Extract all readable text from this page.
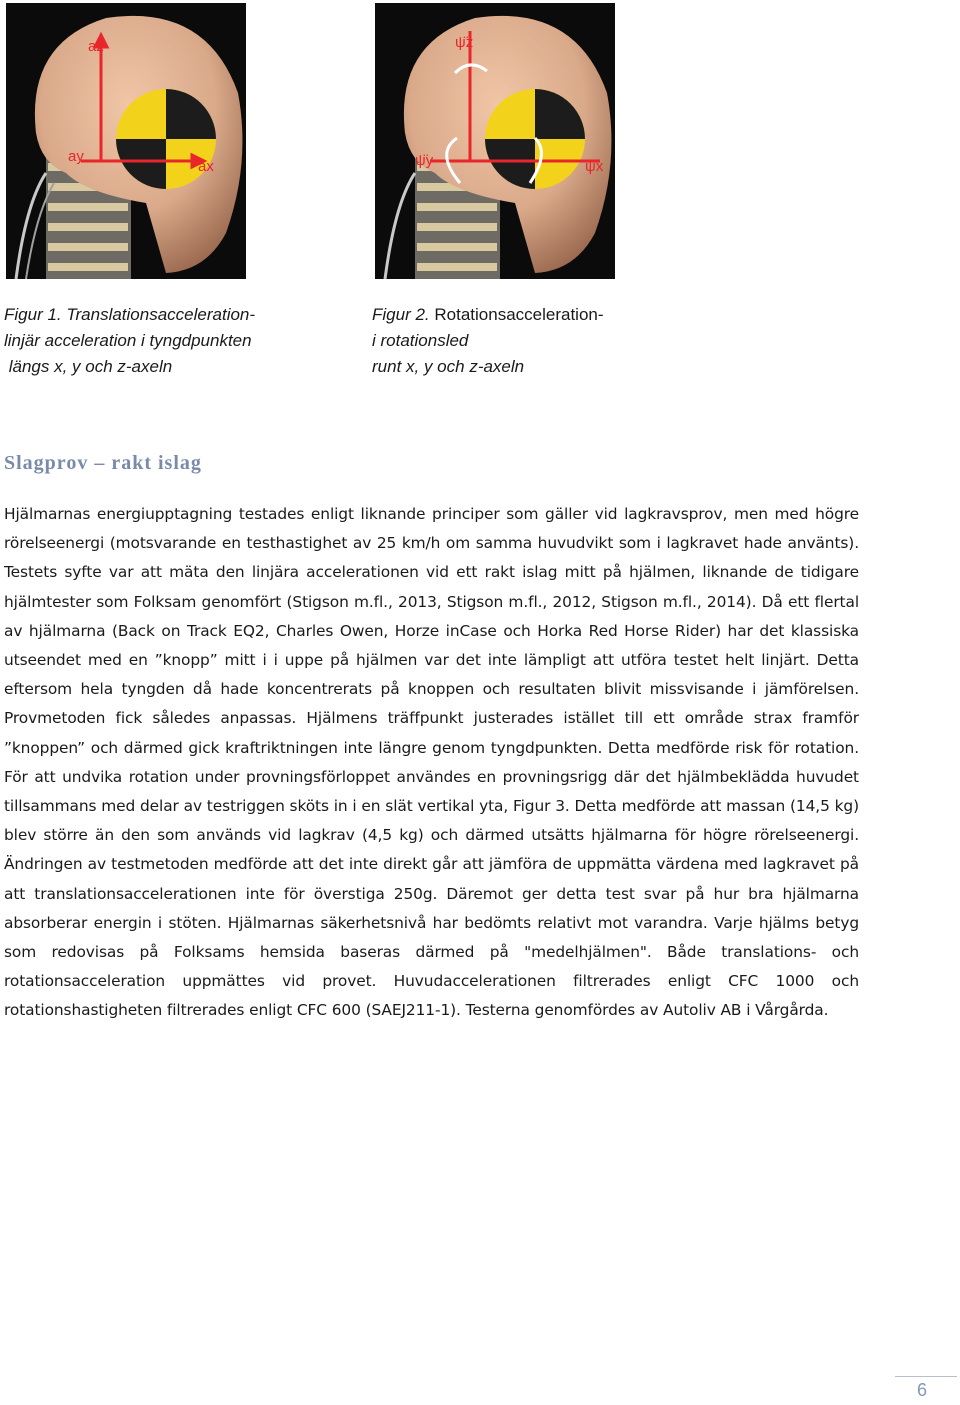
az
ay
ax
ψ̈z
ψ̈y	ψ̈x
Figur 1. Translationsacceleration-
linjär acceleration i tyngdpunkten
längs x, y och z-axeln
Figur 2. Rotationsacceleration-
i rotationsled
runt x, y och z-axeln
Slagprov – rakt islag

Hjälmarnas energiupptagning testades enligt liknande principer som gäller vid lagkravsprov, men med högre rörelseenergi (motsvarande en testhastighet av 25 km/h om samma huvudvikt som i lagkravet hade använts). Testets syfte var att mäta den linjära accelerationen vid ett rakt islag mitt på hjälmen, liknande de tidigare hjälmtester som Folksam genomfört (Stigson m.fl., 2013, Stigson m.fl., 2012, Stigson m.fl., 2014). Då ett flertal av hjälmarna (Back on Track EQ2, Charles Owen, Horze inCase och Horka Red Horse Rider) har det klassiska utseendet med en ”knopp” mitt i i uppe på hjälmen var det inte lämpligt att utföra testet helt linjärt. Detta eftersom hela tyngden då hade koncentrerats på knoppen och resultaten blivit missvisande i jämförelsen. Provmetoden fick således anpassas. Hjälmens träffpunkt justerades istället till ett område strax framför ”knoppen” och därmed gick kraftriktningen inte längre genom tyngdpunkten. Detta medförde risk för rotation. För att undvika rotation under provningsförloppet användes en provningsrigg där det hjälmbeklädda huvudet tillsammans med delar av testriggen sköts in i en slät vertikal yta, Figur 3. Detta medförde att massan (14,5 kg) blev större än den som används vid lagkrav (4,5 kg) och därmed utsätts hjälmarna för högre rörelseenergi. Ändringen av testmetoden medförde att det inte direkt går att jämföra de uppmätta värdena med lagkravet på att translationsaccelerationen inte för överstiga 250g. Däremot ger detta test svar på hur bra hjälmarna absorberar energin i stöten. Hjälmarnas säkerhetsnivå har bedömts relativt mot varandra. Varje hjälms betyg som redovisas på Folksams hemsida baseras därmed på "medelhjälmen". Både translations- och rotationsacceleration uppmättes vid provet. Huvudaccelerationen filtrerades enligt CFC 1000 och rotationshastigheten filtrerades enligt CFC 600 (SAEJ211-1). Testerna genomfördes av Autoliv AB i Vårgårda.

6
